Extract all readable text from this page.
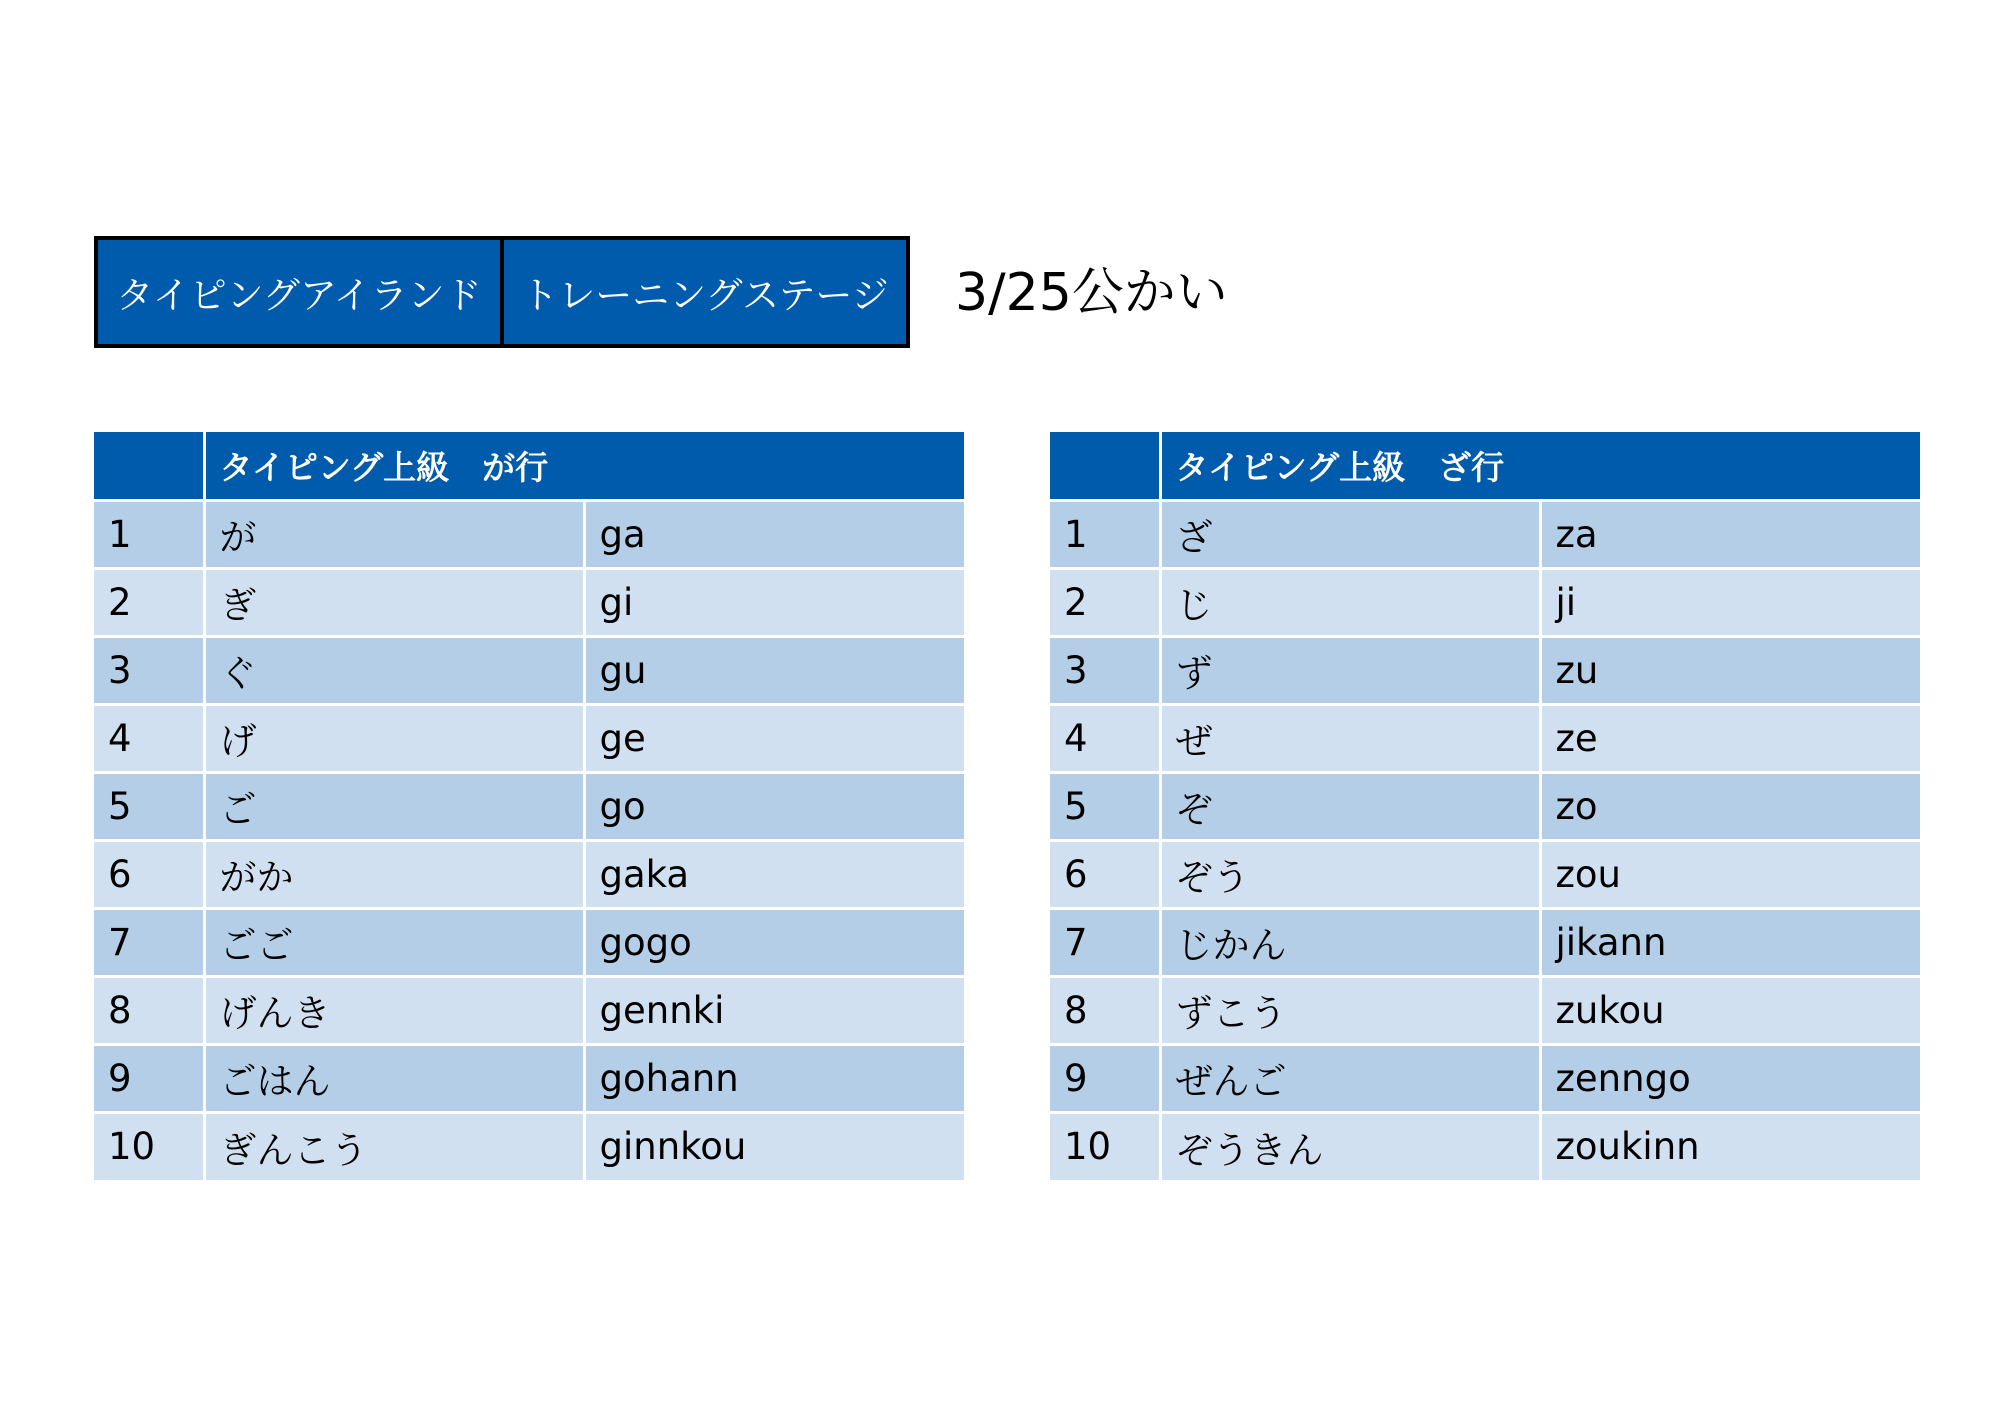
タイピングアイランド トレーニングステージ 3/25公かい
	タイピング上級　が行	
1	が	ga
2	ぎ	gi
3	ぐ	gu
4	げ	ge
5	ご	go
6	がか	gaka
7	ごご	gogo
8	げんき	gennki
9	ごはん	gohann
10	ぎんこう	ginnkou
	タイピング上級　ざ行	
1	ざ	za
2	じ	ji
3	ず	zu
4	ぜ	ze
5	ぞ	zo
6	ぞう	zou
7	じかん	jikann
8	ずこう	zukou
9	ぜんご	zenngo
10	ぞうきん	zoukinn
